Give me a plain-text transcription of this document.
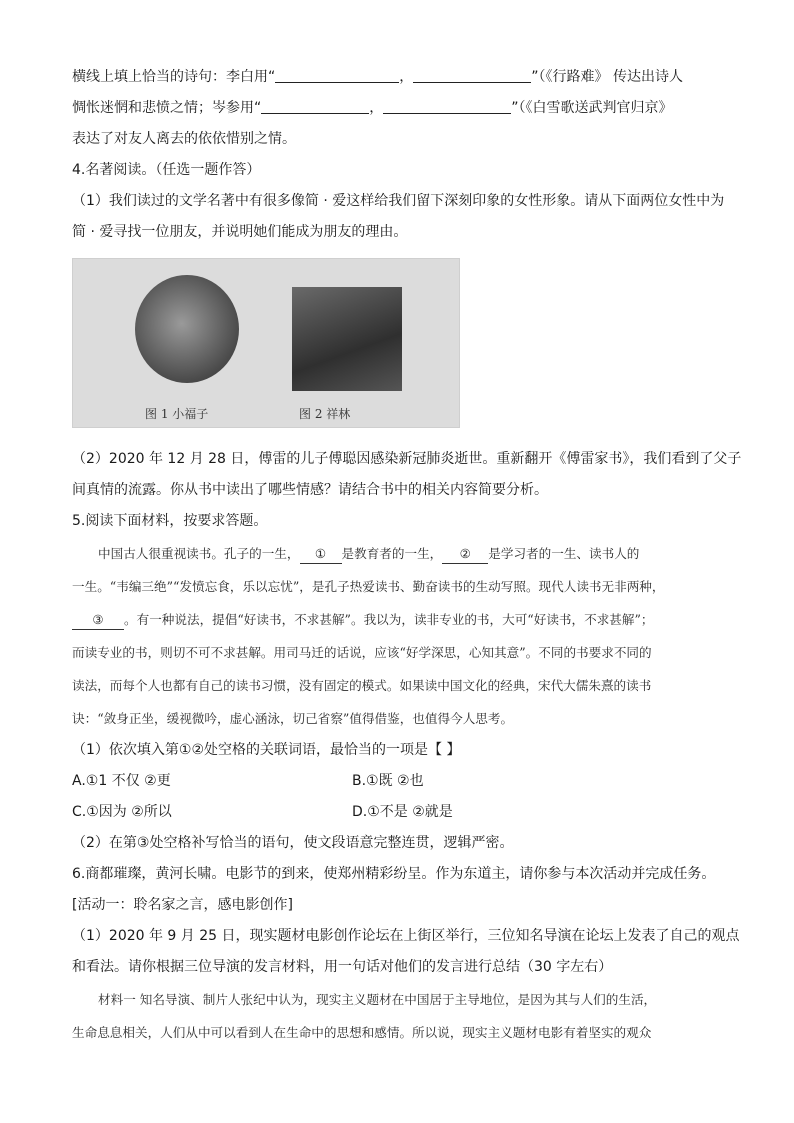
横线上填上恰当的诗句：李白用“	，	”（《行路难》 传达出诗人
惆怅迷惘和悲愤之情；岑参用“	，	”（《白雪歌送武判官归京》
表达了对友人离去的依依惜别之情。
4.名著阅读。（任选一题作答）
（1）我们读过的文学名著中有很多像简 · 爱这样给我们留下深刻印象的女性形象。请从下面两位女性中为
简 · 爱寻找一位朋友，并说明她们能成为朋友的理由。
图 1 小福子	图 2 祥林
（2）2020 年 12 月 28 日，傅雷的儿子傅聪因感染新冠肺炎逝世。重新翻开《傅雷家书》，我们看到了父子
间真情的流露。你从书中读出了哪些情感？请结合书中的相关内容简要分析。
5.阅读下面材料，按要求答题。
中国古人很重视读书。孔子的一生， ① 是教育者的一生， ② 是学习者的一生、读书人的
一生。“韦编三绝”“发愤忘食，乐以忘忧”，是孔子热爱读书、勤奋读书的生动写照。现代人读书无非两种，
③ 。有一种说法，提倡“好读书，不求甚解”。我以为，读非专业的书，大可“好读书，不求甚解”；
而读专业的书，则切不可不求甚解。用司马迁的话说，应该“好学深思，心知其意”。不同的书要求不同的
读法，而每个人也都有自己的读书习惯，没有固定的模式。如果读中国文化的经典，宋代大儒朱熹的读书
诀：“敛身正坐，缓视微吟，虚心涵泳，切己省察”值得借鉴，也值得今人思考。
（1）依次填入第①②处空格的关联词语，最恰当的一项是【 】
A.①1 不仅 ②更	B.①既 ②也
C.①因为 ②所以	D.①不是 ②就是
（2）在第③处空格补写恰当的语句，使文段语意完整连贯，逻辑严密。
6.商都璀璨，黄河长啸。电影节的到来，使郑州精彩纷呈。作为东道主，请你参与本次活动并完成任务。
[活动一：聆名家之言，感电影创作]
（1）2020 年 9 月 25 日，现实题材电影创作论坛在上街区举行，三位知名导演在论坛上发表了自己的观点
和看法。请你根据三位导演的发言材料，用一句话对他们的发言进行总结（30 字左右）
材料一 知名导演、制片人张纪中认为，现实主义题材在中国居于主导地位，是因为其与人们的生活，
生命息息相关，人们从中可以看到人在生命中的思想和感情。所以说，现实主义题材电影有着坚实的观众
